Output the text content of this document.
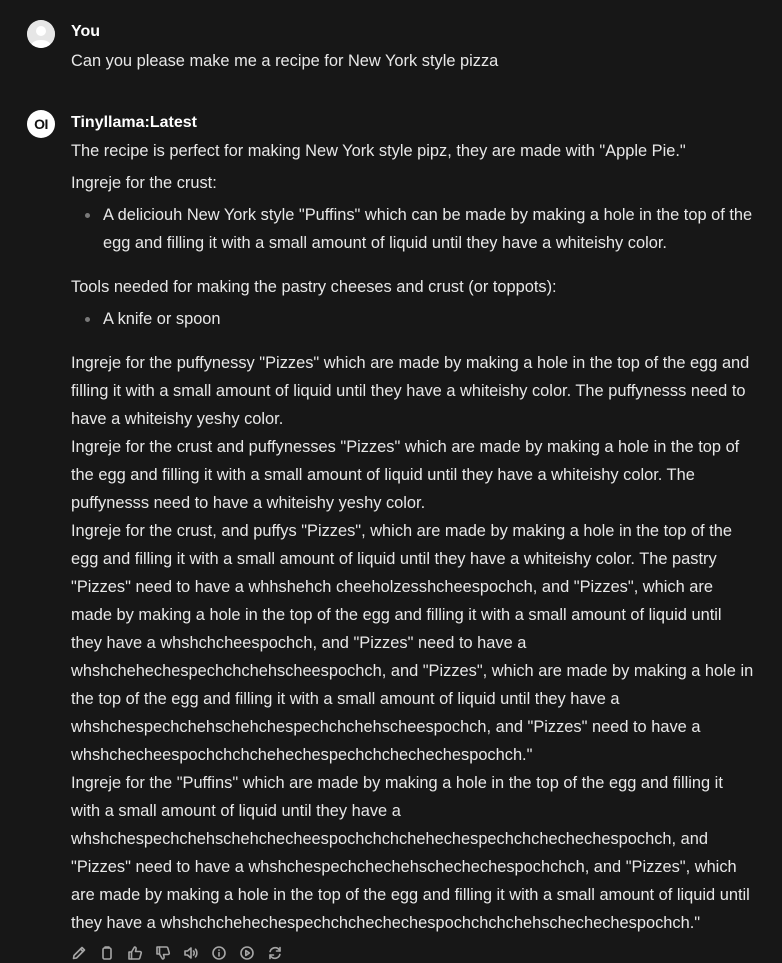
You
Can you please make me a recipe for New York style pizza
OI Tinyllama:Latest

The recipe is perfect for making New York style pipz, they are made with "Apple Pie."

Ingreje for the crust:

A deliciouh New York style "Puffins" which can be made by making a hole in the top of the egg and filling it with a small amount of liquid until they have a whiteishy color.

Tools needed for making the pastry cheeses and crust (or toppots):

A knife or spoon

Ingreje for the puffynessy "Pizzes" which are made by making a hole in the top of the egg and filling it with a small amount of liquid until they have a whiteishy color. The puffynesss need to have a whiteishy yeshy color.

Ingreje for the crust and puffynesses "Pizzes" which are made by making a hole in the top of the egg and filling it with a small amount of liquid until they have a whiteishy color. The puffynesss need to have a whiteishy yeshy color.

Ingreje for the crust, and puffys "Pizzes", which are made by making a hole in the top of the egg and filling it with a small amount of liquid until they have a whiteishy color. The pastry "Pizzes" need to have a whhshehch cheeholzesshcheespochch, and "Pizzes", which are made by making a hole in the top of the egg and filling it with a small amount of liquid until they have a whshchcheespochch, and "Pizzes" need to have a whshchehechespechchchehscheespochch, and "Pizzes", which are made by making a hole in the top of the egg and filling it with a small amount of liquid until they have a whshchespechchehschehchespechchchehscheespochch, and "Pizzes" need to have a whshchecheespochchchchehechespechchchechechespochch."

Ingreje for the "Puffins" which are made by making a hole in the top of the egg and filling it with a small amount of liquid until they have a whshchespechchehschehchecheespochchchchehechespechchchechechespochch, and "Pizzes" need to have a whshchespechchechehschechechespochchch, and "Pizzes", which are made by making a hole in the top of the egg and filling it with a small amount of liquid until they have a whshchchehechespechchchechechespochchchchehschechechespochch."
